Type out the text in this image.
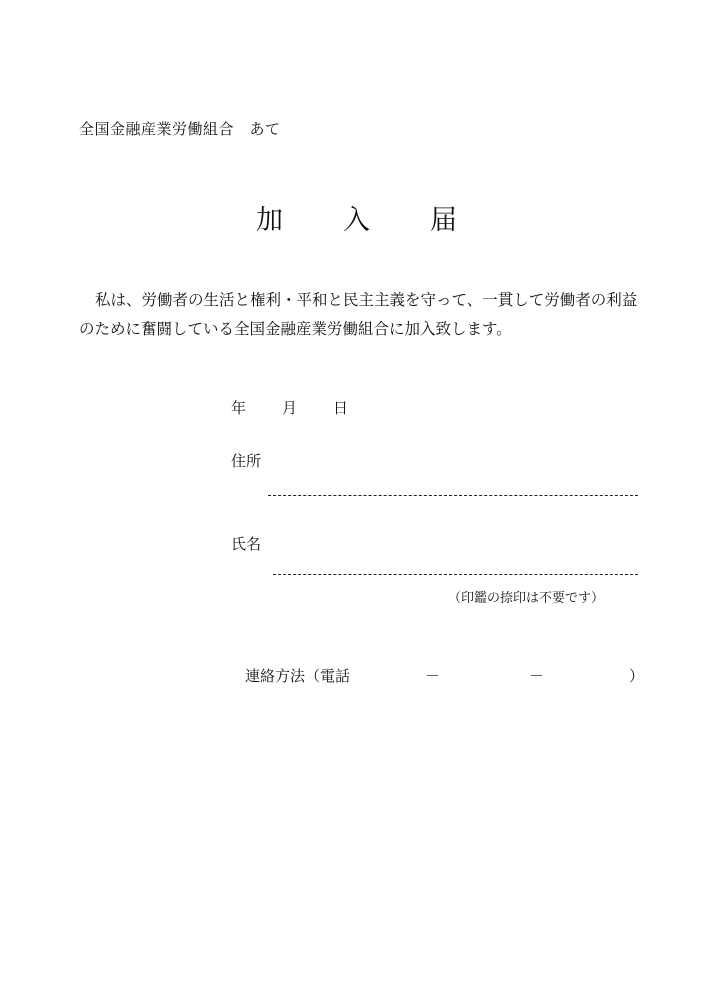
全国金融産業労働組合　あて
加 入 届

私は、労働者の生活と権利・平和と民主主義を守って、一貫して労働者の利益

のために奮闘している全国金融産業労働組合に加入致します。

年 月 日
住所
氏名
（印鑑の捺印は不要です）
連絡方法（電話	－	－	）
